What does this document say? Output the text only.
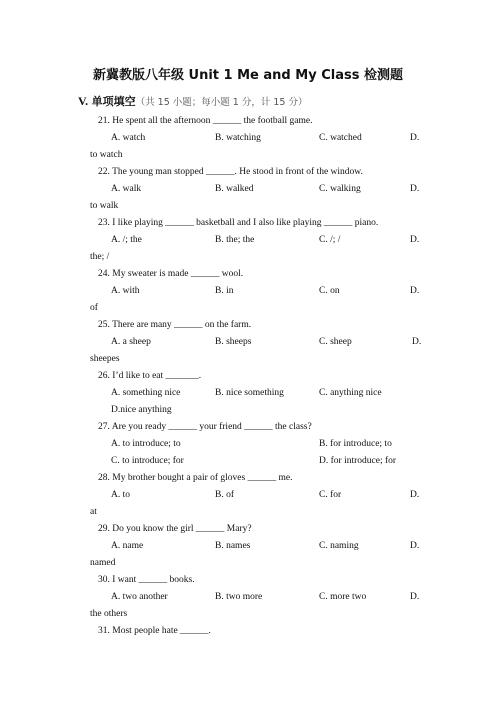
新冀教版八年级 Unit 1 Me and My Class 检测题
V. 单项填空（共 15 小题；每小题 1 分，计 15 分）
21. He spent all the afternoon ______ the football game.
A. watch	B. watching	C. watched	D.
to watch
22. The young man stopped ______. He stood in front of the window.
A. walk	B. walked	C. walking	D.
to walk
23. I like playing ______ basketball and I also like playing ______ piano.
A. /; the	B. the; the	C. /; /	D.
the; /
24. My sweater is made ______ wool.
A. with	B. in	C. on	D.
of
25. There are many ______ on the farm.
A. a sheep	B. sheeps	C. sheep	D.
sheepes
26. I’d like to eat _______.
A. something nice	B. nice something	C. anything nice
D.nice anything
27. Are you ready ______ your friend ______ the class?
A. to introduce; to	B. for introduce; to
C. to introduce; for	D. for introduce; for
28. My brother bought a pair of gloves ______ me.
A. to	B. of	C. for	D.
at
29. Do you know the girl ______ Mary?
A. name	B. names	C. naming	D.
named
30. I want ______ books.
A. two another	B. two more	C. more two	D.
the others
31. Most people hate ______.
